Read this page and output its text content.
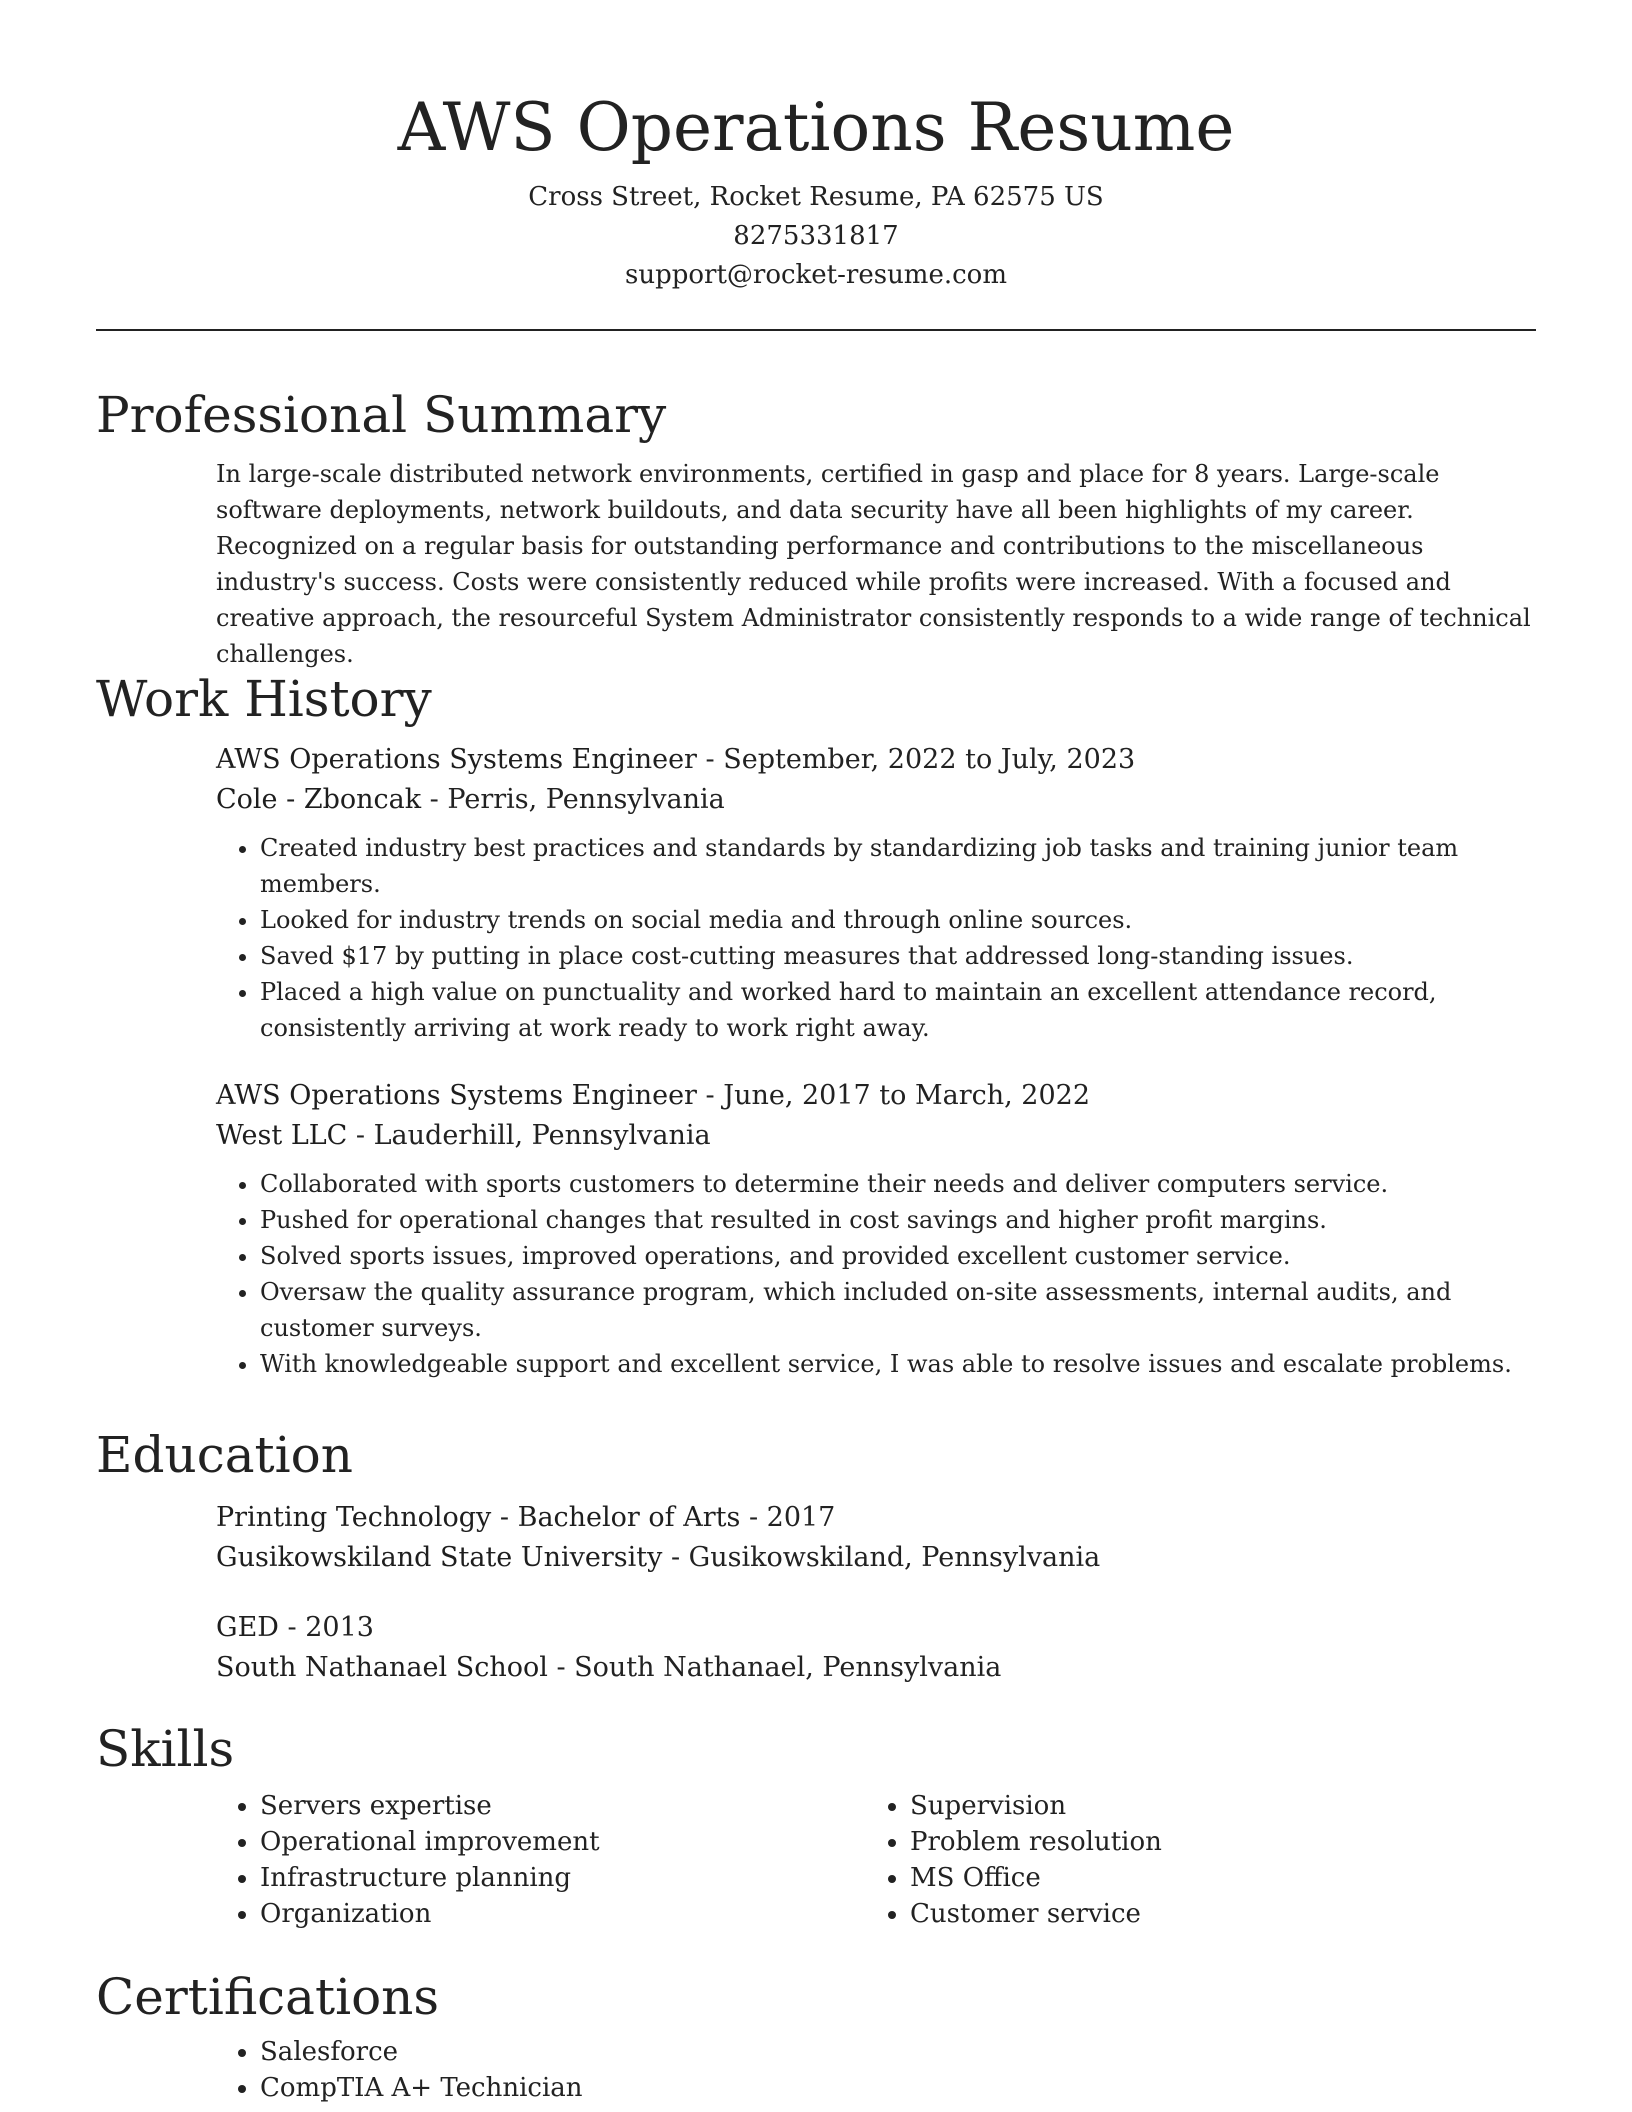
AWS Operations Resume
Cross Street, Rocket Resume, PA 62575 US
8275331817
support@rocket-resume.com
Professional Summary

In large-scale distributed network environments, certified in gasp and place for 8 years. Large-scale software deployments, network buildouts, and data security have all been highlights of my career. Recognized on a regular basis for outstanding performance and contributions to the miscellaneous industry's success. Costs were consistently reduced while profits were increased. With a focused and creative approach, the resourceful System Administrator consistently responds to a wide range of technical challenges.

Work History
AWS Operations Systems Engineer - September, 2022 to July, 2023
Cole - Zboncak - Perris, Pennsylvania
• Created industry best practices and standards by standardizing job tasks and training junior team members.
• Looked for industry trends on social media and through online sources.
• Saved $17 by putting in place cost-cutting measures that addressed long-standing issues.
• Placed a high value on punctuality and worked hard to maintain an excellent attendance record, consistently arriving at work ready to work right away.
AWS Operations Systems Engineer - June, 2017 to March, 2022
West LLC - Lauderhill, Pennsylvania
• Collaborated with sports customers to determine their needs and deliver computers service.
• Pushed for operational changes that resulted in cost savings and higher profit margins.
• Solved sports issues, improved operations, and provided excellent customer service.
• Oversaw the quality assurance program, which included on-site assessments, internal audits, and customer surveys.
• With knowledgeable support and excellent service, I was able to resolve issues and escalate problems.
Education
Printing Technology - Bachelor of Arts - 2017
Gusikowskiland State University - Gusikowskiland, Pennsylvania
GED - 2013
South Nathanael School - South Nathanael, Pennsylvania
Skills
• Servers expertise
• Operational improvement
• Infrastructure planning
• Organization
• Supervision
• Problem resolution
• MS Office
• Customer service
Certifications
• Salesforce
• CompTIA A+ Technician
